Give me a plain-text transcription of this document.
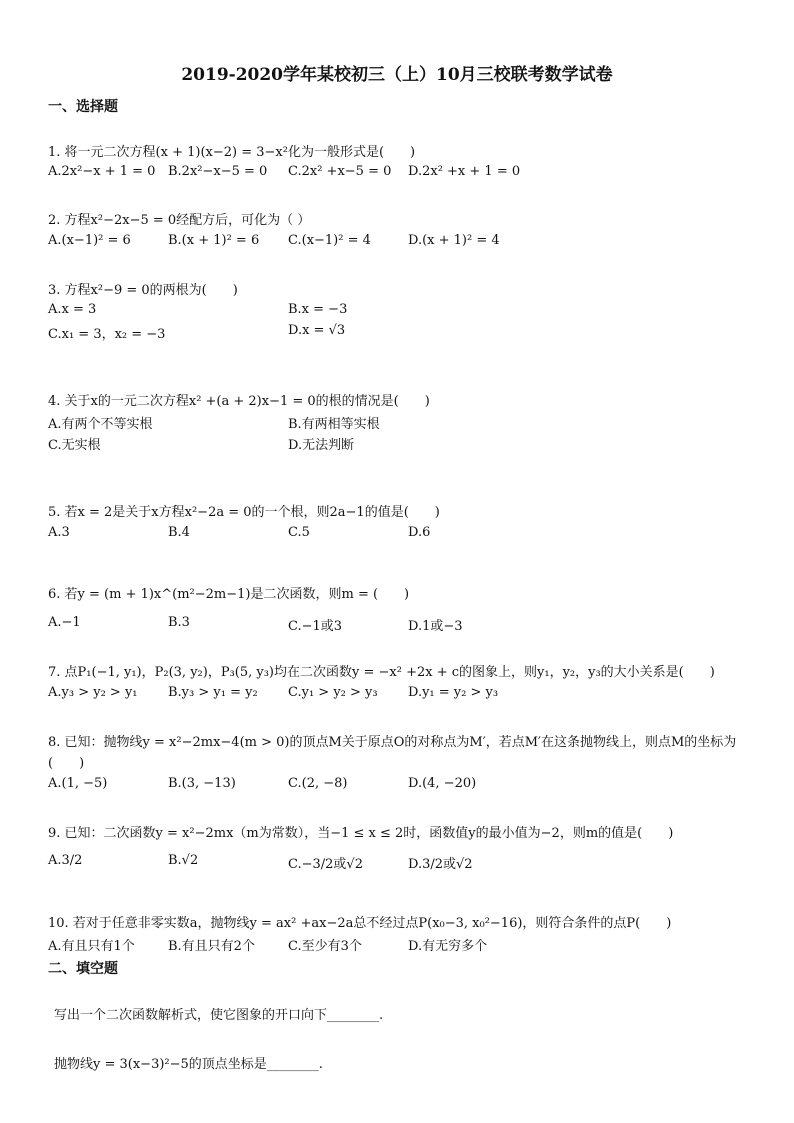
2019-2020学年某校初三（上）10月三校联考数学试卷
一、选择题
1. 将一元二次方程(x + 1)(x−2) = 3−x²化为一般形式是(　　)
A.2x²−x + 1 = 0 B.2x²−x−5 = 0 C.2x² +x−5 = 0 D.2x² +x + 1 = 0
2. 方程x²−2x−5 = 0经配方后，可化为（ ）
A.(x−1)² = 6	B.(x + 1)² = 6 C.(x−1)² = 4	D.(x + 1)² = 4
3. 方程x²−9 = 0的两根为(　　)
A.x = 3	B.x = −3
C.x₁ = 3，x₂ = −3	D.x = √3
4. 关于x的一元二次方程x² +(a + 2)x−1 = 0的根的情况是(　　)
A.有两个不等实根	B.有两相等实根
C.无实根	D.无法判断
5. 若x = 2是关于x方程x²−2a = 0的一个根，则2a−1的值是(　　)
A.3	B.4	C.5	D.6
6. 若y = (m + 1)x^(m²−2m−1)是二次函数，则m = (　　)
A.−1	B.3	C.−1或3	D.1或−3
7. 点P₁(−1, y₁)，P₂(3, y₂)，P₃(5, y₃)均在二次函数y = −x² +2x + c的图象上，则y₁，y₂，y₃的大小关系是(　　)
A.y₃ > y₂ > y₁ B.y₃ > y₁ = y₂ C.y₁ > y₂ > y₃ D.y₁ = y₂ > y₃
8. 已知：抛物线y = x²−2mx−4(m > 0)的顶点M关于原点O的对称点为M′，若点M′在这条抛物线上，则点M的坐标为
(　　)
A.(1, −5)	B.(3, −13)	C.(2, −8)	D.(4, −20)
9. 已知：二次函数y = x²−2mx（m为常数），当−1 ≤ x ≤ 2时，函数值y的最小值为−2，则m的值是(　　)
A.3/2	B.√2	C.−3/2或√2	D.3/2或√2
10. 若对于任意非零实数a，抛物线y = ax² +ax−2a总不经过点P(x₀−3, x₀²−16)，则符合条件的点P(　　)
A.有且只有1个	B.有且只有2个	C.至少有3个	D.有无穷多个
二、填空题
写出一个二次函数解析式，使它图象的开口向下________.
抛物线y = 3(x−3)²−5的顶点坐标是________.
